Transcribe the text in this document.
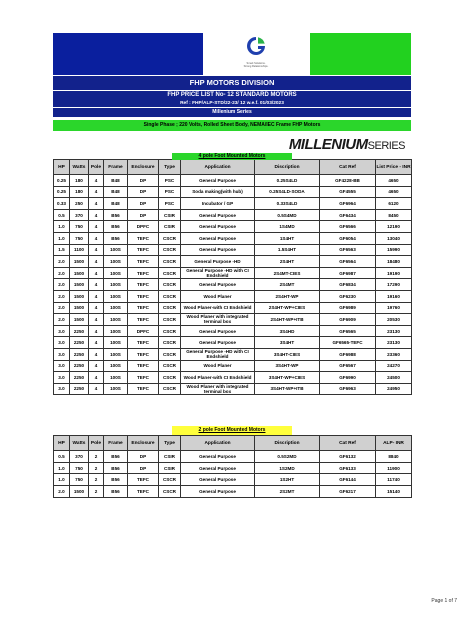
Smart Solutions.
Strong Relationships.
FHP MOTORS DIVISION
FHP PRICE LIST No- 12 STANDARD MOTORS
Ref : FHP/ALP-STD/22-23/ 12 w.e.f. 01/03/2023
Millenium Series
Single Phase ; 220 Volts, Rolled Sheet Body, NEMA/IEC Frame FHP Motors
MILLENIUMSERIES
4 pole Foot Mounted Motors
HP	Watts	Pole	Frame	Enclosure	Type	Application	Discription	Cat Ref	List Price - INR
0.25	180	4	B48	DP	PSC	General Purpose	0.25S4LD	GF4228-BB	4650
0.25	180	4	B48	DP	PSC	Soda making(with hub)	0.25S4LD-SODA	GF4555	4650
0.33	250	4	B48	DP	PSC	Incubator / GP	0.33S4LD	GF6964	6120
0.5	370	4	B56	DP	CSIR	General Purpose	0.5S4MD	GF6434	8450
1.0	750	4	B56	DPFC	CSIR	General Purpose	1S4MD	GF6566	12190
1.0	750	4	B56	TEFC	CSCR	General Purpose	1S4HT	GF6054	13040
1.5	1100	4	100S	TEFC	CSCR	General Purpose	1.5S4HT	GF6563	15990
2.0	1500	4	100S	TEFC	CSCR	General Purpose -HD	2S4HT	GF6564	18480
2.0	1500	4	100S	TEFC	CSCR	General Purpose -HD with CI Endshield	2S4MT-CIES	GF6987	19190
2.0	1500	4	100S	TEFC	CSCR	General Purpose	2S4MT	GF6834	17290
2.0	1500	4	100S	TEFC	CSCR	Wood Planer	2S4HT-WP	GF6230	19160
2.0	1500	4	100S	TEFC	CSCR	Wood Planer-with CI Endshield	2S4HT-WP+CIES	GF6989	19760
2.0	1500	4	100S	TEFC	CSCR	Wood Planer with integrated terminal box	2S4HT-WP+ITB	GF6909	20530
3.0	2250	4	100S	DPFC	CSCR	General Purpose	3S4HD	GF6565	23130
3.0	2250	4	100S	TEFC	CSCR	General Purpose	3S4HT	GF6565-TEFC	23130
3.0	2250	4	100S	TEFC	CSCR	General Purpose -HD with CI Endshield	3S4HT-CIES	GF6988	23360
3.0	2250	4	100S	TEFC	CSCR	Wood Planer	3S4HT-WP	GF6567	24270
3.0	2250	4	100S	TEFC	CSCR	Wood Planer-with CI Endshield	3S4HT-WP+CIES	GF6990	24500
3.0	2250	4	100S	TEFC	CSCR	Wood Planer with integrated terminal box	3S4HT-WP+ITB	GF6963	24950
2 pole Foot Mounted Motors
HP	Watts	Pole	Frame	Enclosure	Type	Application	Discription	Cat Ref	ALP- INR
0.5	370	2	B56	DP	CSIR	General Purpose	0.5S2MD	GF6132	8840
1.0	750	2	B56	DP	CSIR	General Purpose	1S2MD	GF6133	11900
1.0	750	2	B56	TEFC	CSCR	General Purpose	1S2HT	GF6144	11740
2.0	1500	2	B56	TEFC	CSCR	General Purpose	2S2MT	GF6217	15140
Page 1 of 7
